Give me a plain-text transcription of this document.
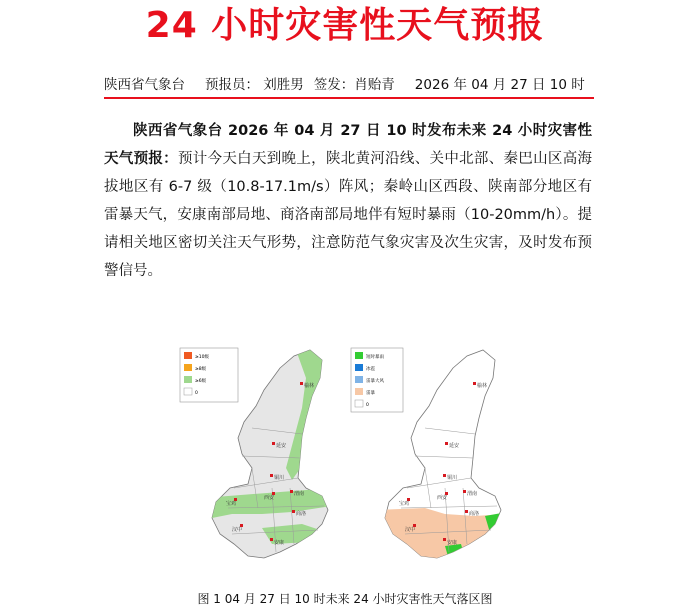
24 小时灾害性天气预报
陕西省气象台 预报员： 刘胜男 签发：肖贻青 2026 年 04 月 27 日 10 时
陕西省气象台 2026 年 04 月 27 日 10 时发布未来 24 小时灾害性天气预报：预计今天白天到晚上，陕北黄河沿线、关中北部、秦巴山区高海拔地区有 6-7 级（10.8-17.1m/s）阵风；秦岭山区西段、陕南部分地区有雷暴天气，安康南部局地、商洛南部局地伴有短时暴雨（10-20mm/h）。提请相关地区密切关注天气形势，注意防范气象灾害及次生灾害，及时发布预警信号。
≥10级
≥8级
≥6级
0
榆林
延安
铜川
宝鸡
西安
渭南
商洛
汉中
安康
短时暴雨
冰雹
雷暴大风
雷暴
0
榆林
延安
铜川
宝鸡
西安
渭南
商洛
汉中
安康
图 1 04 月 27 日 10 时未来 24 小时灾害性天气落区图
